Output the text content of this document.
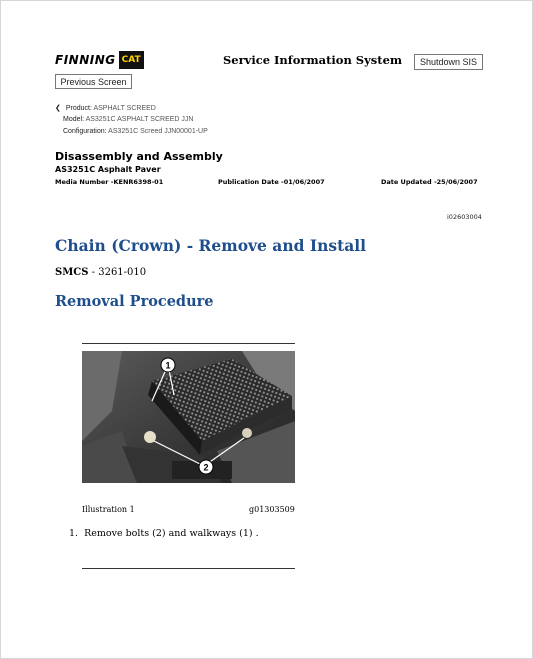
FINNING CAT	Service Information System	Shutdown SIS
Previous Screen
❮ Product: ASPHALT SCREED
Model: AS3251C ASPHALT SCREED JJN
Configuration: AS3251C Screed JJN00001-UP
Disassembly and Assembly
AS3251C Asphalt Paver
Media Number -KENR6398-01	Publication Date -01/06/2007	Date Updated -25/06/2007
i02603004
Chain (Crown) - Remove and Install
SMCS - 3261-010
Removal Procedure
1
2
Illustration 1	g01303509
1. Remove bolts (2) and walkways (1) .
